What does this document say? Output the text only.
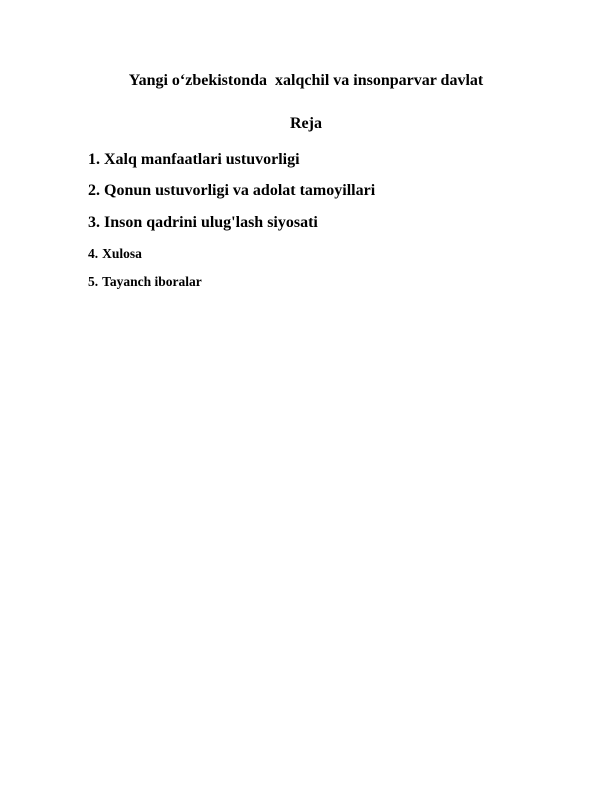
Yangi o‘zbekistonda  xalqchil va insonparvar davlat
Reja
1. Xalq manfaatlari ustuvorligi
2. Qonun ustuvorligi va adolat tamoyillari
3. Inson qadrini ulug'lash siyosati
4. Xulosa
5. Tayanch iboralar
